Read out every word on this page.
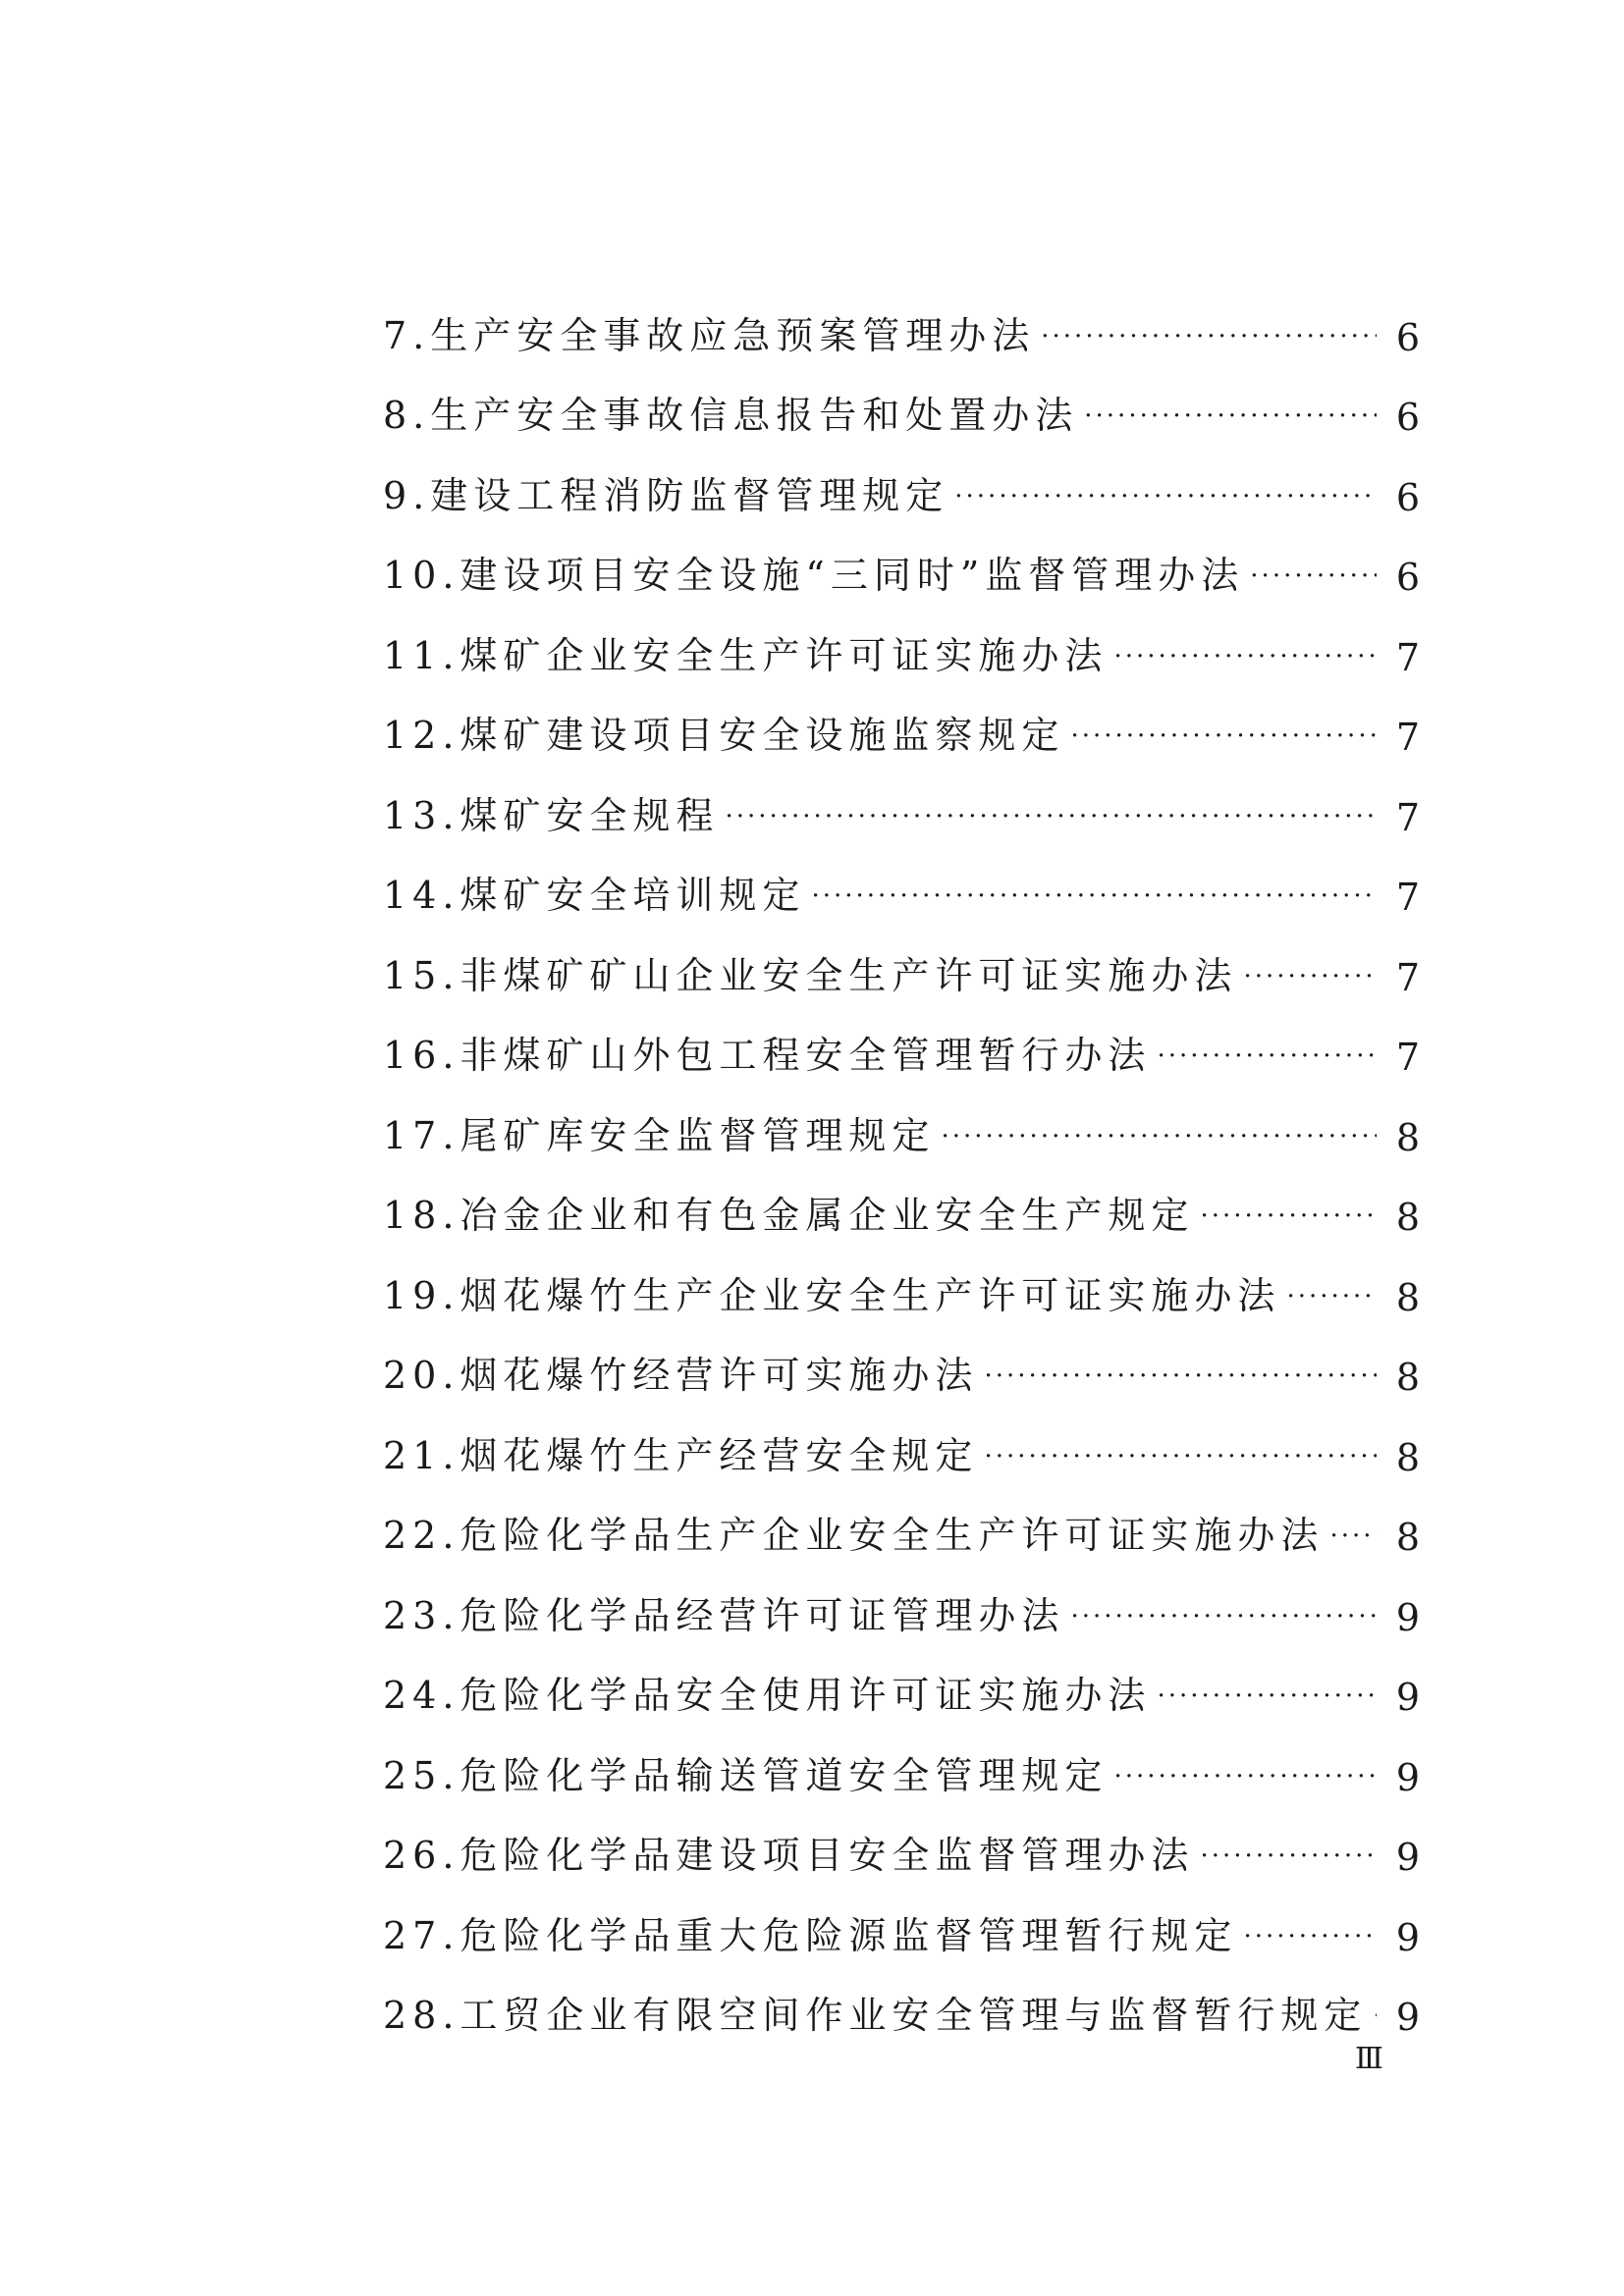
7.生产安全事故应急预案管理办法 ·····	6
8.生产安全事故信息报告和处置办法 ·····	6
9.建设工程消防监督管理规定 ·····	6
10.建设项目安全设施“三同时”监督管理办法 ·····	6
11.煤矿企业安全生产许可证实施办法 ·····	7
12.煤矿建设项目安全设施监察规定 ·····	7
13.煤矿安全规程 ·····	7
14.煤矿安全培训规定 ·····	7
15.非煤矿矿山企业安全生产许可证实施办法 ·····	7
16.非煤矿山外包工程安全管理暂行办法 ·····	7
17.尾矿库安全监督管理规定 ·····	8
18.冶金企业和有色金属企业安全生产规定 ·····	8
19.烟花爆竹生产企业安全生产许可证实施办法 ·····	8
20.烟花爆竹经营许可实施办法 ·····	8
21.烟花爆竹生产经营安全规定 ·····	8
22.危险化学品生产企业安全生产许可证实施办法 ·····	8
23.危险化学品经营许可证管理办法 ·····	9
24.危险化学品安全使用许可证实施办法 ·····	9
25.危险化学品输送管道安全管理规定 ·····	9
26.危险化学品建设项目安全监督管理办法 ·····	9
27.危险化学品重大危险源监督管理暂行规定 ·····	9
28.工贸企业有限空间作业安全管理与监督暂行规定 ····· 9
Ⅲ
